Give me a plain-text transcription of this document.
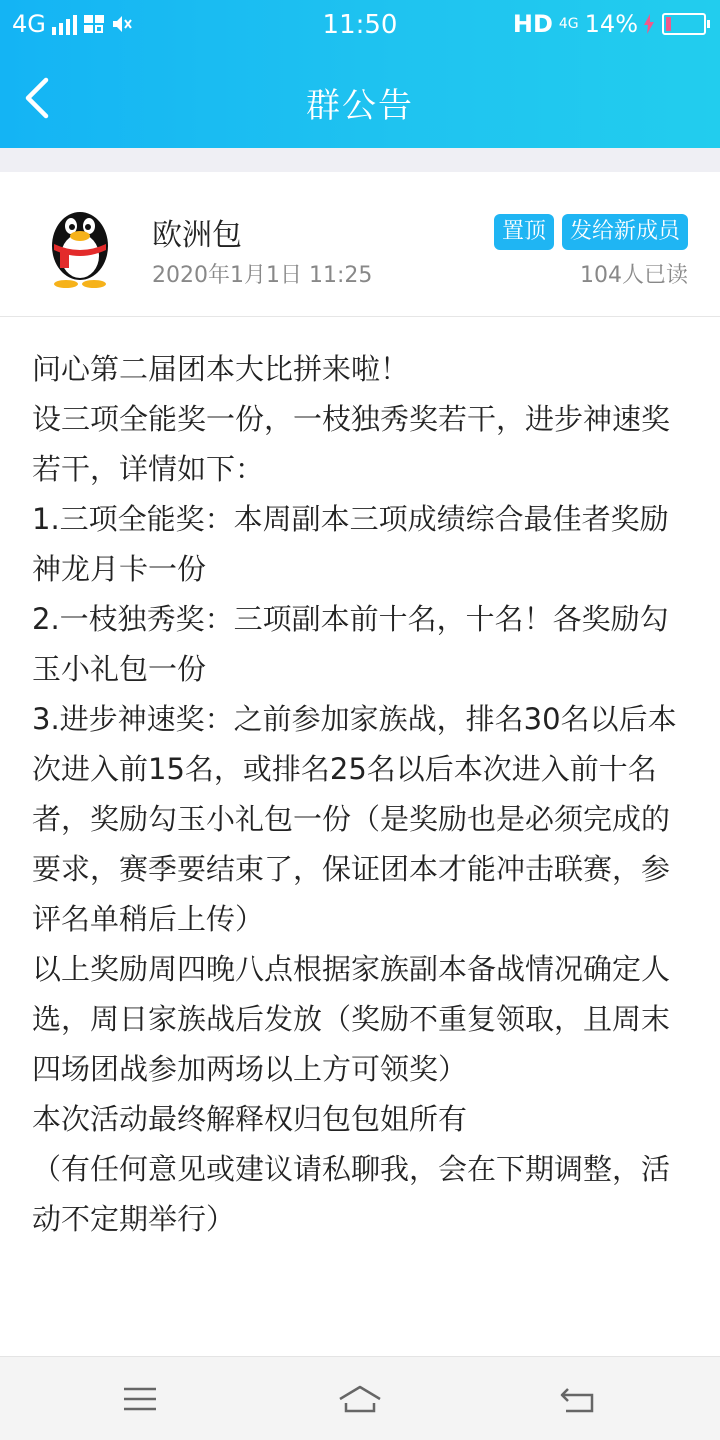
4G	11:50	HD 4G 14%
群公告
欧洲包
2020年1月1日 11:25
置顶	发给新成员
104人已读

问心第二届团本大比拼来啦！

设三项全能奖一份，一枝独秀奖若干，进步神速奖若干，详情如下：

1.三项全能奖：本周副本三项成绩综合最佳者奖励神龙月卡一份

2.一枝独秀奖：三项副本前十名，十名！各奖励勾玉小礼包一份

3.进步神速奖：之前参加家族战，排名30名以后本次进入前15名，或排名25名以后本次进入前十名者，奖励勾玉小礼包一份（是奖励也是必须完成的要求，赛季要结束了，保证团本才能冲击联赛，参评名单稍后上传）

以上奖励周四晚八点根据家族副本备战情况确定人选，周日家族战后发放（奖励不重复领取，且周末四场团战参加两场以上方可领奖）

本次活动最终解释权归包包姐所有

（有任何意见或建议请私聊我，会在下期调整，活动不定期举行）
